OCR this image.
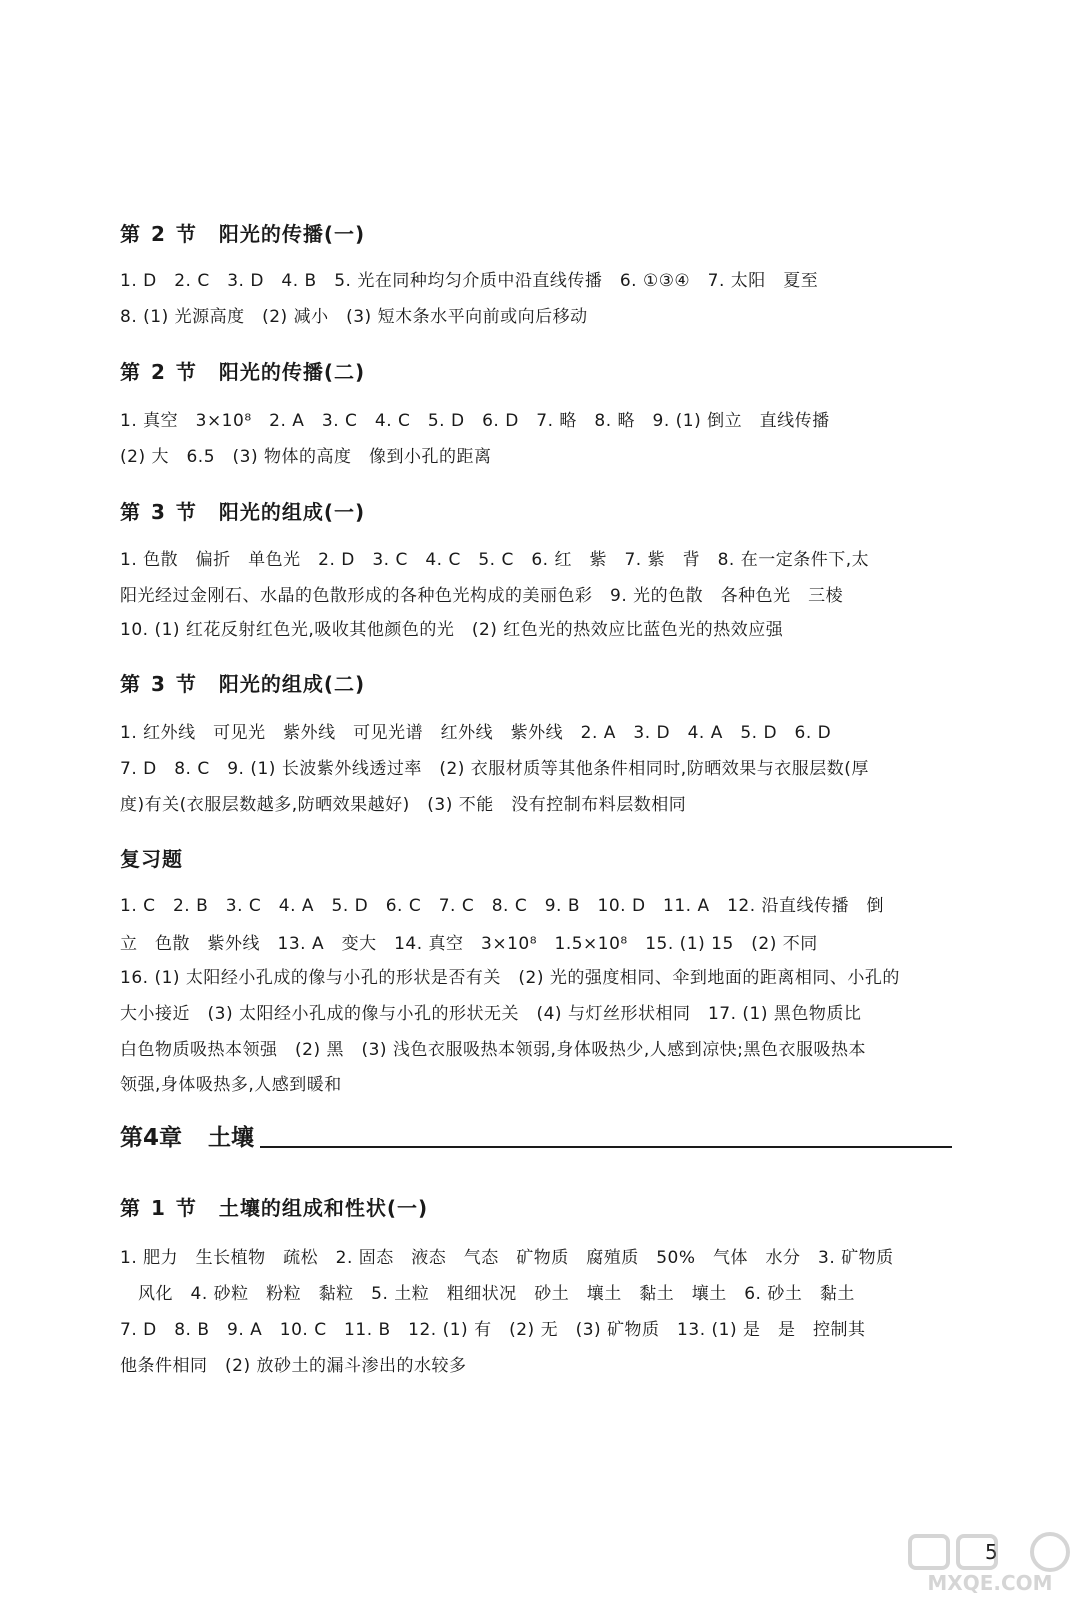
第 2 节 阳光的传播(一)
1. D　2. C　3. D　4. B　5. 光在同种均匀介质中沿直线传播　6. ①③④　7. 太阳　夏至
8. (1) 光源高度　(2) 减小　(3) 短木条水平向前或向后移动
第 2 节 阳光的传播(二)
1. 真空　3×10⁸　2. A　3. C　4. C　5. D　6. D　7. 略　8. 略　9. (1) 倒立　直线传播
(2) 大　6.5　(3) 物体的高度　像到小孔的距离
第 3 节 阳光的组成(一)
1. 色散　偏折　单色光　2. D　3. C　4. C　5. C　6. 红　紫　7. 紫　背　8. 在一定条件下,太
阳光经过金刚石、水晶的色散形成的各种色光构成的美丽色彩　9. 光的色散　各种色光　三棱
10. (1) 红花反射红色光,吸收其他颜色的光　(2) 红色光的热效应比蓝色光的热效应强
第 3 节 阳光的组成(二)
1. 红外线　可见光　紫外线　可见光谱　红外线　紫外线　2. A　3. D　4. A　5. D　6. D
7. D　8. C　9. (1) 长波紫外线透过率　(2) 衣服材质等其他条件相同时,防晒效果与衣服层数(厚
度)有关(衣服层数越多,防晒效果越好)　(3) 不能　没有控制布料层数相同
复习题
1. C　2. B　3. C　4. A　5. D　6. C　7. C　8. C　9. B　10. D　11. A　12. 沿直线传播　倒
立　色散　紫外线　13. A　变大　14. 真空　3×10⁸　1.5×10⁸　15. (1) 15　(2) 不同
16. (1) 太阳经小孔成的像与小孔的形状是否有关　(2) 光的强度相同、伞到地面的距离相同、小孔的
大小接近　(3) 太阳经小孔成的像与小孔的形状无关　(4) 与灯丝形状相同　17. (1) 黑色物质比
白色物质吸热本领强　(2) 黑　(3) 浅色衣服吸热本领弱,身体吸热少,人感到凉快;黑色衣服吸热本
领强,身体吸热多,人感到暖和
第4章 土壤
第 1 节 土壤的组成和性状(一)
1. 肥力　生长植物　疏松　2. 固态　液态　气态　矿物质　腐殖质　50%　气体　水分　3. 矿物质
风化　4. 砂粒　粉粒　黏粒　5. 土粒　粗细状况　砂土　壤土　黏土　壤土　6. 砂土　黏土
7. D　8. B　9. A　10. C　11. B　12. (1) 有　(2) 无　(3) 矿物质　13. (1) 是　是　控制其
他条件相同　(2) 放砂土的漏斗渗出的水较多
5
MXQE.COM
